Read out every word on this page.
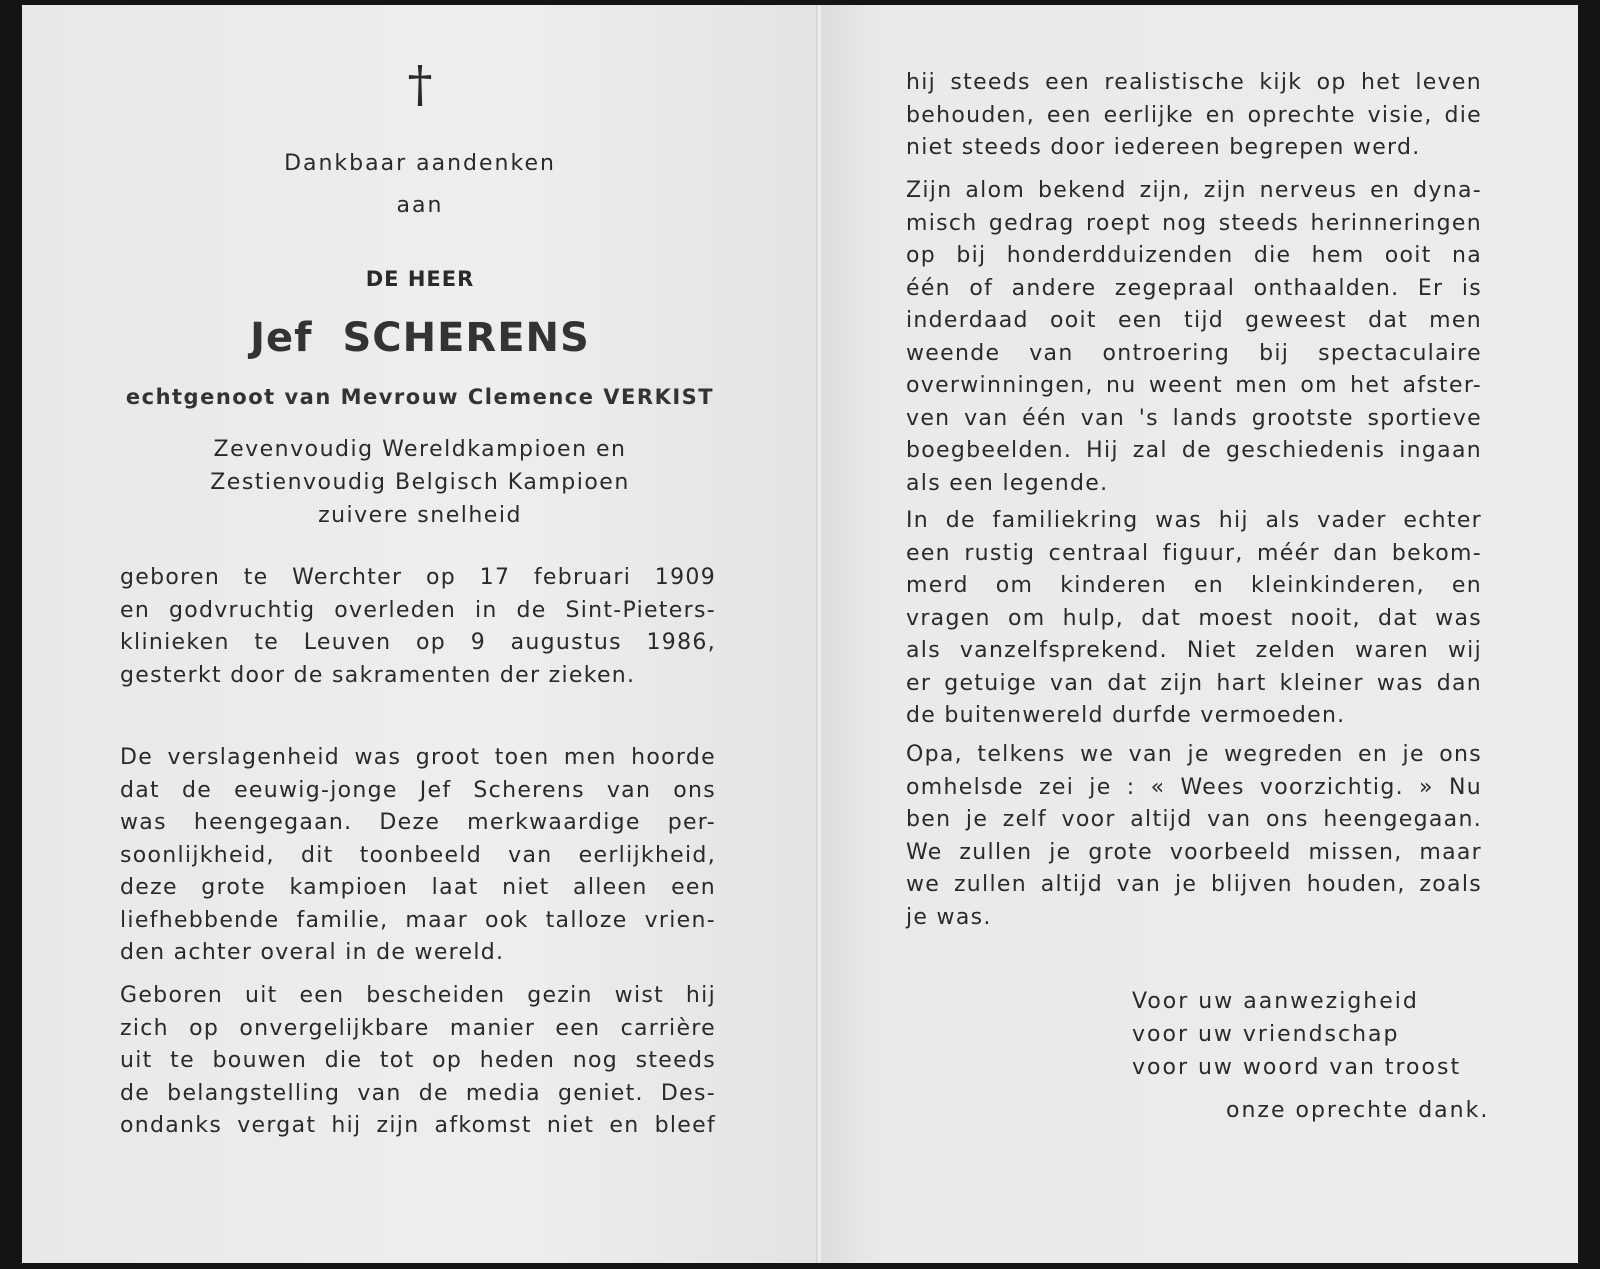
†
Dankbaar aandenken
aan
DE HEER
Jef  SCHERENS
echtgenoot van Mevrouw Clemence VERKIST
Zevenvoudig Wereldkampioen en
Zestienvoudig Belgisch Kampioen
zuivere snelheid
geboren te Werchter op 17 februari 1909
en godvruchtig overleden in de Sint-Pieters-
klinieken te Leuven op 9 augustus 1986,
gesterkt door de sakramenten der zieken.
De verslagenheid was groot toen men hoorde
dat de eeuwig-jonge Jef Scherens van ons
was heengegaan. Deze merkwaardige per-
soonlijkheid, dit toonbeeld van eerlijkheid,
deze grote kampioen laat niet alleen een
liefhebbende familie, maar ook talloze vrien-
den achter overal in de wereld.
Geboren uit een bescheiden gezin wist hij
zich op onvergelijkbare manier een carrière
uit te bouwen die tot op heden nog steeds
de belangstelling van de media geniet. Des-
ondanks vergat hij zijn afkomst niet en bleef
hij steeds een realistische kijk op het leven
behouden, een eerlijke en oprechte visie, die
niet steeds door iedereen begrepen werd.
Zijn alom bekend zijn, zijn nerveus en dyna-
misch gedrag roept nog steeds herinneringen
op bij honderdduizenden die hem ooit na
één of andere zegepraal onthaalden. Er is
inderdaad ooit een tijd geweest dat men
weende van ontroering bij spectaculaire
overwinningen, nu weent men om het afster-
ven van één van 's lands grootste sportieve
boegbeelden. Hij zal de geschiedenis ingaan
als een legende.
In de familiekring was hij als vader echter
een rustig centraal figuur, méér dan bekom-
merd om kinderen en kleinkinderen, en
vragen om hulp, dat moest nooit, dat was
als vanzelfsprekend. Niet zelden waren wij
er getuige van dat zijn hart kleiner was dan
de buitenwereld durfde vermoeden.
Opa, telkens we van je wegreden en je ons
omhelsde zei je : « Wees voorzichtig. » Nu
ben je zelf voor altijd van ons heengegaan.
We zullen je grote voorbeeld missen, maar
we zullen altijd van je blijven houden, zoals
je was.
Voor uw aanwezigheid
voor uw vriendschap
voor uw woord van troost
onze oprechte dank.
